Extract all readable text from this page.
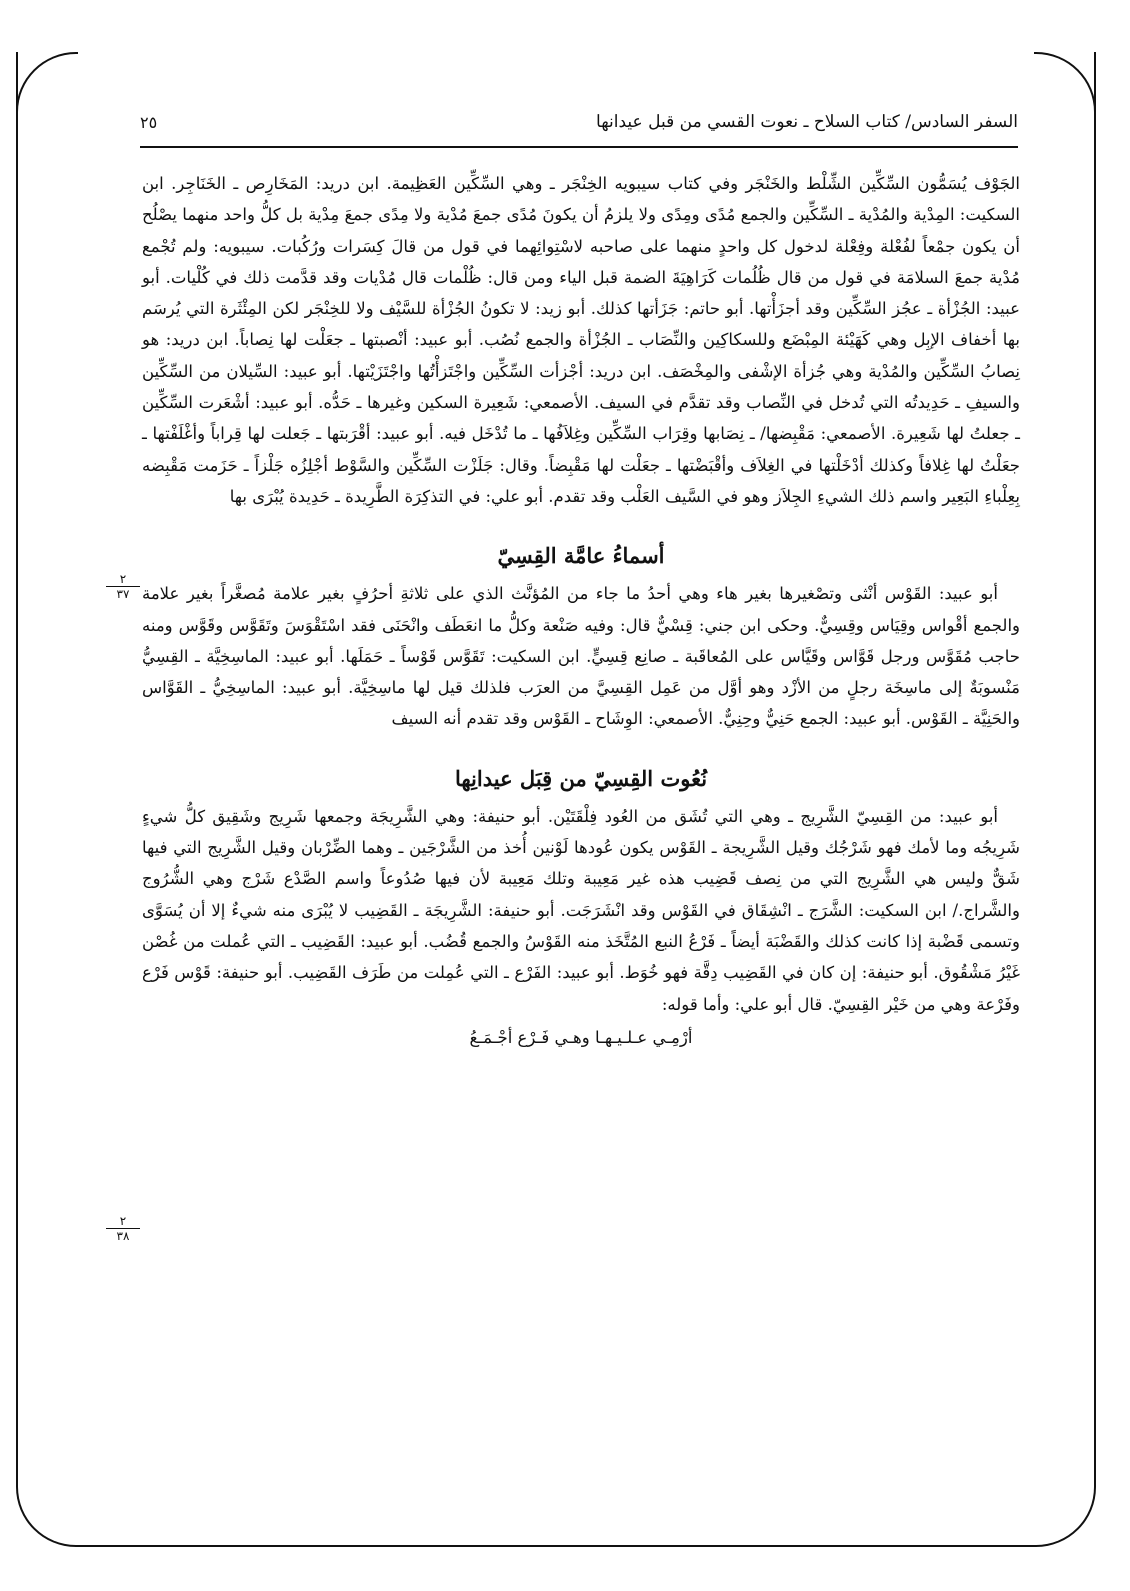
السفر السادس/ كتاب السلاح ـ نعوت القسي من قبل عيدانها
٢٥
٢
٣٧
٢
٣٨

الجَوْف يُسَمُّون السِّكِّين الشِّلْط والخَنْجَر وفي كتاب سيبويه الخِنْجَر ـ وهي السِّكِّين العَظِيمة. ابن دريد: المَخَارِص ـ الخَنَاجِر. ابن السكيت: المِدْية والمُدْية ـ السِّكِّين والجمع مُدًى ومِدًى ولا يلزمُ أن يكونَ مُدًى جمعَ مُدْية ولا مِدًى جمعَ مِدْية بل كلُّ واحد منهما يصْلُح أن يكون جمْعاً لفُعْلة وفِعْلة لدخول كل واحدٍ منهما على صاحبه لاسْتِوائِهما في قول من قالَ كِسَرات ورُكُبات. سيبويه: ولم تُجْمع مُدْية جمعَ السلامَة في قول من قال ظُلُمات كَرَاهِيَةَ الضمة قبل الياء ومن قال: ظُلْمات قال مُدْيات وقد قدَّمت ذلك في كُلْيات. أبو عبيد: الجُزْأة ـ عجُز السِّكِّين وقد أجزَأْتها. أبو حاتم: جَزَأتها كذلك. أبو زيد: لا تكونُ الجُزْأة للسَّيْف ولا للخِنْجَر لكن المِئْثَرة التي يُرسَم بها أخفاف الإبِل وهي كَهَيْئة المِبْضَع وللسكاكِين والنِّصَاب ـ الجُزْأة والجمع نُصُب. أبو عبيد: أنْصبتها ـ جعَلْت لها نِصاباً. ابن دريد: هو نِصابُ السِّكِّين والمُدْية وهي جُزأة الإشْفى والمِخْصَف. ابن دريد: أجْزأت السِّكِّين واجْتَزأْتُها واجْتَزَيْتها. أبو عبيد: السِّيلان من السِّكِّين والسيفِ ـ حَدِيدتُه التي تُدخل في النِّصاب وقد تقدَّم في السيف. الأصمعي: شَعِيرة السكين وغيرها ـ حَدُّه. أبو عبيد: أشْعَرت السِّكِّين ـ جعلتُ لها شَعِيرة. الأصمعي: مَقْبِضها/ ـ نِصَابها وقِرَاب السِّكِّين وغِلاَفُها ـ ما تُدْخَل فيه. أبو عبيد: أقْرَبتها ـ جَعلت لها قِراباً وأغْلَفْتها ـ جعَلْتُ لها غِلافاً وكذلك أدْخَلْتها في الغِلاَف وأقْبَضْتها ـ جعَلْت لها مَقْبِضاً. وقال: جَلَزْت السِّكِّين والسَّوْط أجْلِزُه جَلْزاً ـ حَزَمت مَقْبِضه بِعِلْباءِ البَعِير واسم ذلك الشيءِ الجِلاَز وهو في السَّيف العَلْب وقد تقدم. أبو علي: في التذكِرَة الطَّرِيدة ـ حَدِيدة يُبْرَى بها

أسماءُ عامَّة القِسِيّ

أبو عبيد: القَوْس أنْثى وتصْغيرها بغير هاء وهي أحدُ ما جاء من المُؤنَّث الذي على ثلاثةِ أحرُفٍ بغير علامة مُصغَّراً بغير علامة والجمع أقْواس وقِيَاس وقِسِيٌّ. وحكى ابن جني: قِسْيٌّ قال: وفيه صَنْعة وكلُّ ما انعَطَف وانْحَنَى فقد اسْتَقْوَسَ وتَقَوَّس وقَوَّس ومنه حاجب مُقَوَّس ورجل قَوَّاس وقَيَّاس على المُعاقَبة ـ صانِع قِسِيٍّ. ابن السكيت: تَقَوَّس قَوْساً ـ حَمَلَها. أبو عبيد: الماسِخِيَّة ـ القِسِيُّ مَنْسوبَةٌ إلى ماسِخَة رجلٍ من الأزْد وهو أوَّل من عَمِل القِسِيَّ من العرَب فلذلك قيل لها ماسِخِيَّة. أبو عبيد: الماسِخِيُّ ـ القَوَّاس والحَنِيَّة ـ القَوْس. أبو عبيد: الجمع حَنِيٌّ وحِنِيٌّ. الأصمعي: الوِشَاح ـ القَوْس وقد تقدم أنه السيف

نُعُوت القِسِيّ من قِبَل عيدانِها

أبو عبيد: من القِسِيّ الشَّرِيج ـ وهي التي تُشَق من العُود فِلْقَتَيْن. أبو حنيفة: وهي الشَّرِيجَة وجمعها شَرِيج وشَقِيق كلُّ شيءٍ شَرِيجُه وما لأمك فهو شَرْجُك وقيل الشَّرِيجة ـ القَوْس يكون عُودها لَوْنين أُخذ من الشَّرْجَين ـ وهما الضِّرْبان وقيل الشَّرِيج التي فيها شَقٌّ وليس هي الشَّرِيج التي من نِصف قَضِيب هذه غير مَعِيبة وتلك مَعِيبة لأن فيها صُدُوعاً واسم الصَّدْع شَرْج وهي الشُّرُوج والشَّراج./ ابن السكيت: الشَّرَج ـ انْشِقَاق في القَوْس وقد انْشَرَجَت. أبو حنيفة: الشَّرِيجَة ـ القَضِيب لا يُبْرَى منه شيءٌ إلا أن يُسَوَّى وتسمى قَضْبة إذا كانت كذلك والقَضْبَة أيضاً ـ فَرْعُ النبع المُتَّخَذ منه القَوْسُ والجمع قُضُب. أبو عبيد: القَضِيب ـ التي عُملت من غُصْن غَيْرُ مَشْقُوق. أبو حنيفة: إن كان في القَضِيب دِقَّة فهو خُوَط. أبو عبيد: الفَرْع ـ التي عُمِلت من طَرَف القَضِيب. أبو حنيفة: قَوْس فَرْع وفَرْعة وهي من خَيْر القِسِيّ. قال أبو علي: وأما قوله:

أرْمِـي عـلـيـهـا وهـي فَـرْع أجْـمَـعُ
